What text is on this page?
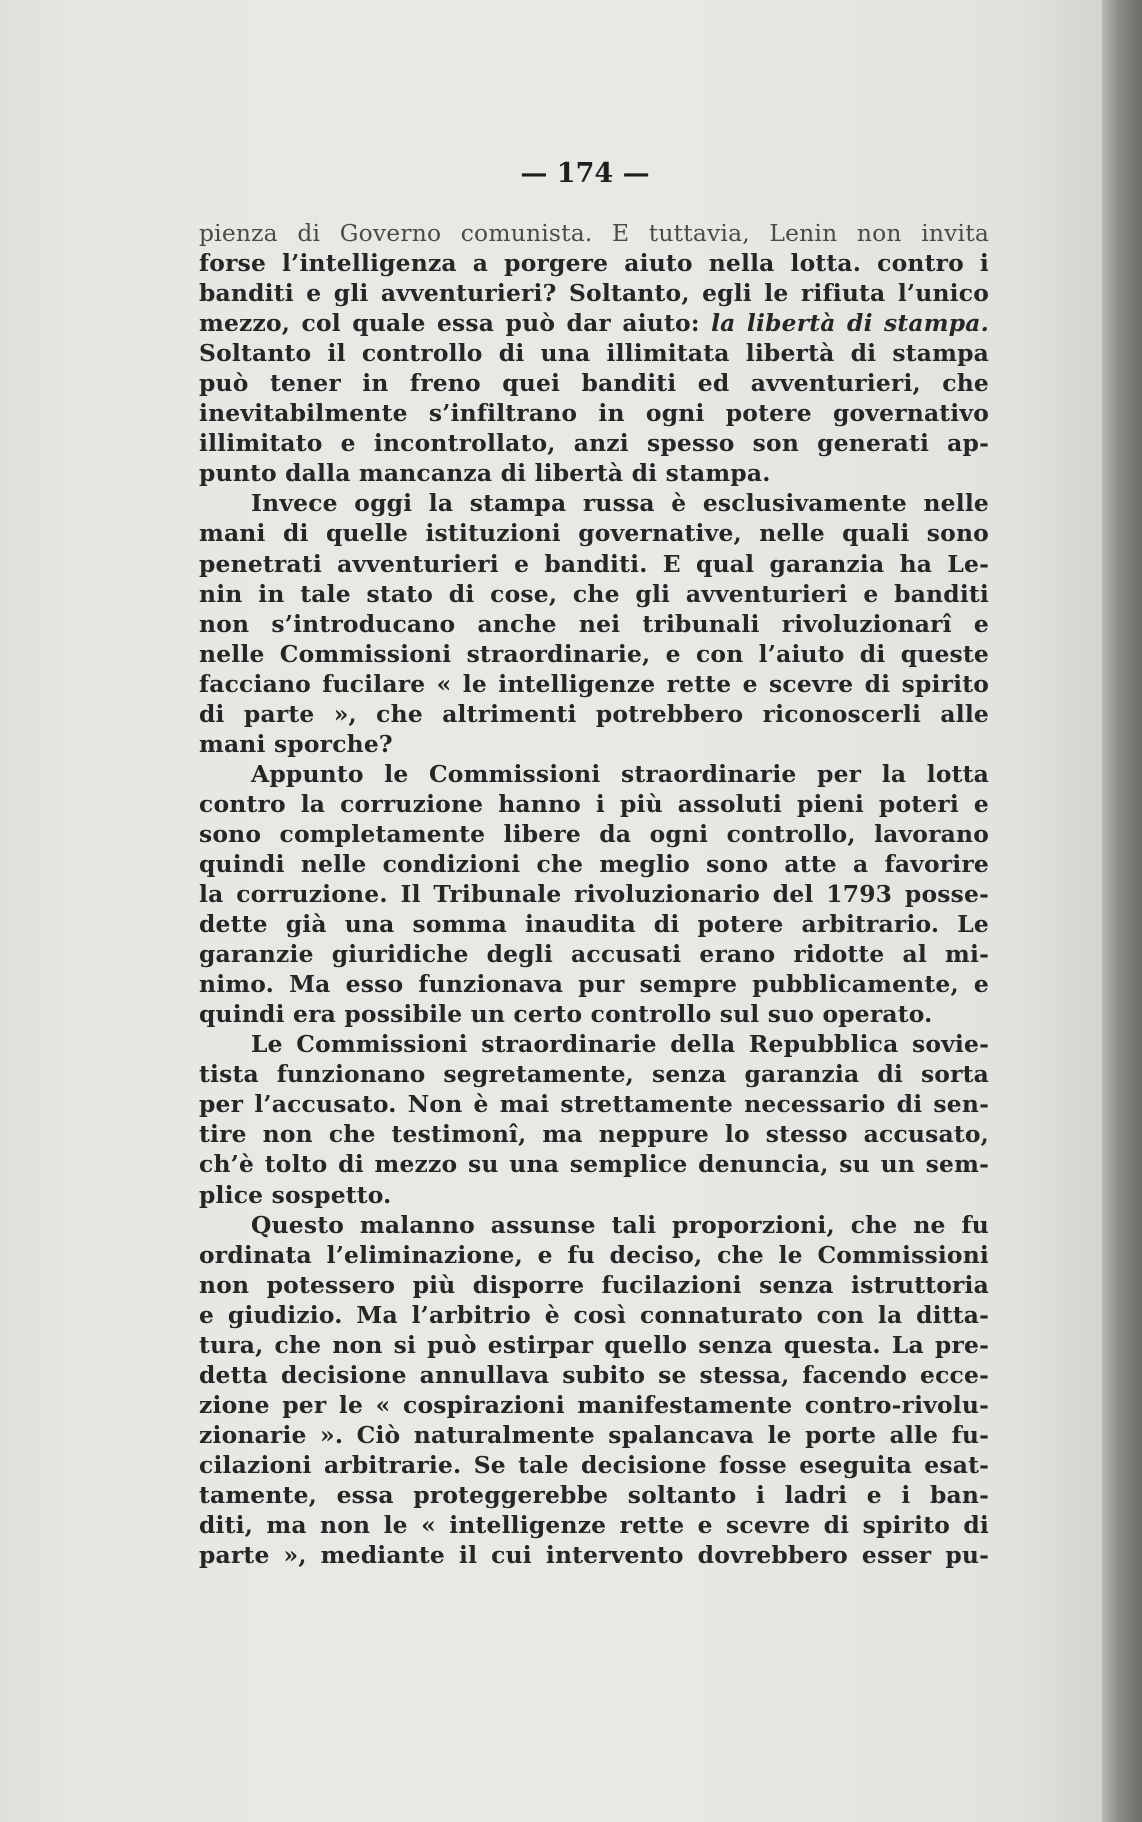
— 174 —
pienza di Governo comunista. E tuttavia, Lenin non invita
forse l’intelligenza a porgere aiuto nella lotta. contro i
banditi e gli avventurieri? Soltanto, egli le rifiuta l’unico
mezzo, col quale essa può dar aiuto: la libertà di stampa.
Soltanto il controllo di una illimitata libertà di stampa
può tener in freno quei banditi ed avventurieri, che
inevitabilmente s’infiltrano in ogni potere governativo
illimitato e incontrollato, anzi spesso son generati ap-
punto dalla mancanza di libertà di stampa.
Invece oggi la stampa russa è esclusivamente nelle
mani di quelle istituzioni governative, nelle quali sono
penetrati avventurieri e banditi. E qual garanzia ha Le-
nin in tale stato di cose, che gli avventurieri e banditi
non s’introducano anche nei tribunali rivoluzionarî e
nelle Commissioni straordinarie, e con l’aiuto di queste
facciano fucilare « le intelligenze rette e scevre di spirito
di parte », che altrimenti potrebbero riconoscerli alle
mani sporche?
Appunto le Commissioni straordinarie per la lotta
contro la corruzione hanno i più assoluti pieni poteri e
sono completamente libere da ogni controllo, lavorano
quindi nelle condizioni che meglio sono atte a favorire
la corruzione. Il Tribunale rivoluzionario del 1793 posse-
dette già una somma inaudita di potere arbitrario. Le
garanzie giuridiche degli accusati erano ridotte al mi-
nimo. Ma esso funzionava pur sempre pubblicamente, e
quindi era possibile un certo controllo sul suo operato.
Le Commissioni straordinarie della Repubblica sovie-
tista funzionano segretamente, senza garanzia di sorta
per l’accusato. Non è mai strettamente necessario di sen-
tire non che testimonî, ma neppure lo stesso accusato,
ch’è tolto di mezzo su una semplice denuncia, su un sem-
plice sospetto.
Questo malanno assunse tali proporzioni, che ne fu
ordinata l’eliminazione, e fu deciso, che le Commissioni
non potessero più disporre fucilazioni senza istruttoria
e giudizio. Ma l’arbitrio è così connaturato con la ditta-
tura, che non si può estirpar quello senza questa. La pre-
detta decisione annullava subito se stessa, facendo ecce-
zione per le « cospirazioni manifestamente contro-rivolu-
zionarie ». Ciò naturalmente spalancava le porte alle fu-
cilazioni arbitrarie. Se tale decisione fosse eseguita esat-
tamente, essa proteggerebbe soltanto i ladri e i ban-
diti, ma non le « intelligenze rette e scevre di spirito di
parte », mediante il cui intervento dovrebbero esser pu-
